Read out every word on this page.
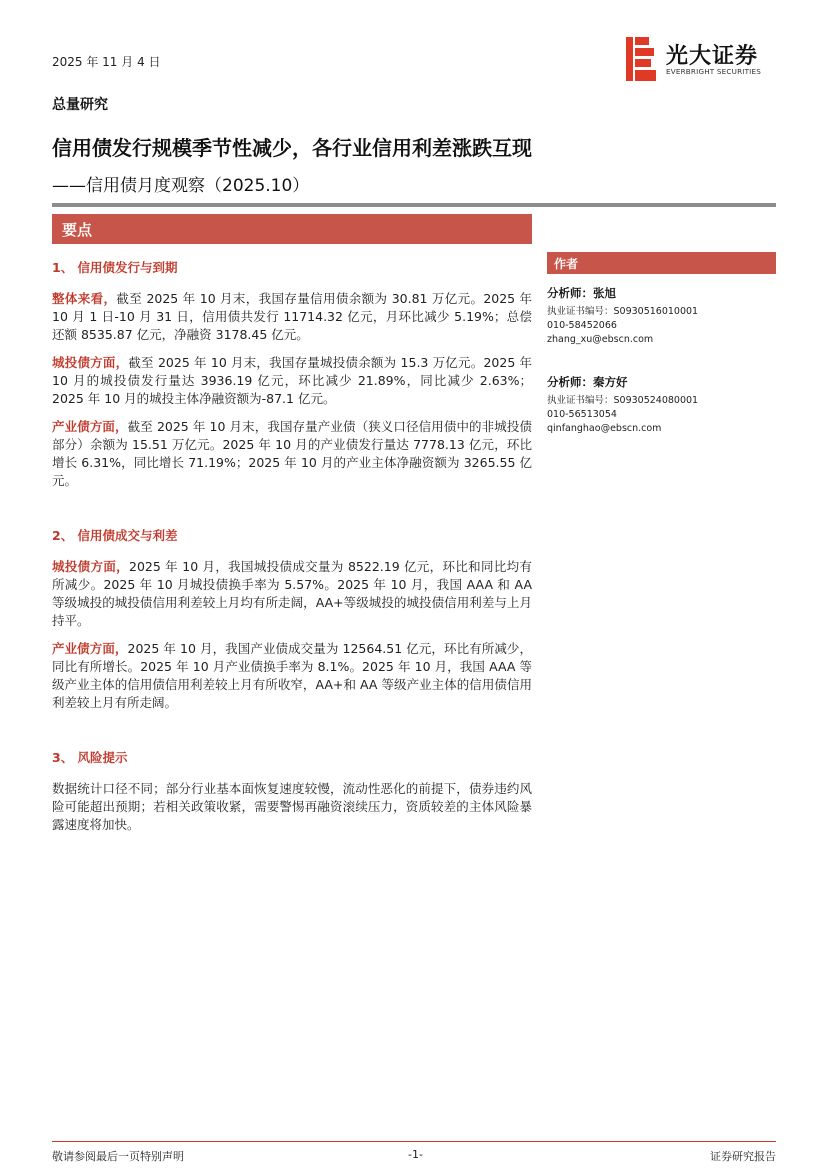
2025 年 11 月 4 日	光大证券
EVERBRIGHT SECURITIES
总量研究
信用债发行规模季节性减少，各行业信用利差涨跌互现
——信用债月度观察（2025.10）
要点

1、 信用债发行与到期

整体来看，截至 2025 年 10 月末，我国存量信用债余额为 30.81 万亿元。2025 年 10 月 1 日-10 月 31 日，信用债共发行 11714.32 亿元，月环比减少 5.19%；总偿还额 8535.87 亿元，净融资 3178.45 亿元。

城投债方面，截至 2025 年 10 月末，我国存量城投债余额为 15.3 万亿元。2025 年 10 月的城投债发行量达 3936.19 亿元，环比减少 21.89%，同比减少 2.63%；2025 年 10 月的城投主体净融资额为-87.1 亿元。

产业债方面，截至 2025 年 10 月末，我国存量产业债（狭义口径信用债中的非城投债部分）余额为 15.51 万亿元。2025 年 10 月的产业债发行量达 7778.13 亿元，环比增长 6.31%，同比增长 71.19%；2025 年 10 月的产业主体净融资额为 3265.55 亿元。

2、 信用债成交与利差

城投债方面，2025 年 10 月，我国城投债成交量为 8522.19 亿元，环比和同比均有所减少。2025 年 10 月城投债换手率为 5.57%。2025 年 10 月，我国 AAA 和 AA 等级城投的城投债信用利差较上月均有所走阔，AA+等级城投的城投债信用利差与上月持平。

产业债方面，2025 年 10 月，我国产业债成交量为 12564.51 亿元，环比有所减少，同比有所增长。2025 年 10 月产业债换手率为 8.1%。2025 年 10 月，我国 AAA 等级产业主体的信用债信用利差较上月有所收窄，AA+和 AA 等级产业主体的信用债信用利差较上月有所走阔。

3、 风险提示

数据统计口径不同；部分行业基本面恢复速度较慢，流动性恶化的前提下，债券违约风险可能超出预期；若相关政策收紧，需要警惕再融资滚续压力，资质较差的主体风险暴露速度将加快。

作者
分析师：张旭
执业证书编号：S0930516010001
010-58452066
zhang_xu@ebscn.com
分析师：秦方好
执业证书编号：S0930524080001
010-56513054
qinfanghao@ebscn.com
敬请参阅最后一页特别声明	-1-	证券研究报告
